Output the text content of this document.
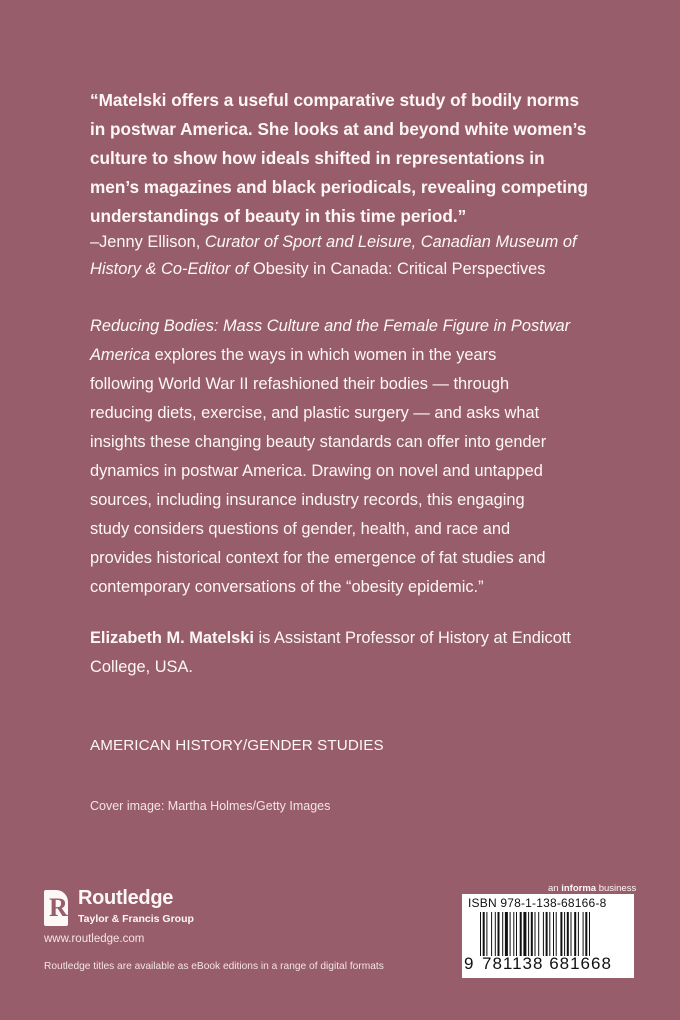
“Matelski offers a useful comparative study of bodily norms

in postwar America. She looks at and beyond white women’s

culture to show how ideals shifted in representations in

men’s magazines and black periodicals, revealing competing

understandings of beauty in this time period.”

–Jenny Ellison, Curator of Sport and Leisure, Canadian Museum of

History & Co-Editor of Obesity in Canada: Critical Perspectives

Reducing Bodies: Mass Culture and the Female Figure in Postwar

America explores the ways in which women in the years

following World War II refashioned their bodies — through

reducing diets, exercise, and plastic surgery — and asks what

insights these changing beauty standards can offer into gender

dynamics in postwar America. Drawing on novel and untapped

sources, including insurance industry records, this engaging

study considers questions of gender, health, and race and

provides historical context for the emergence of fat studies and

contemporary conversations of the “obesity epidemic.”

Elizabeth M. Matelski is Assistant Professor of History at Endicott

College, USA.

AMERICAN HISTORY/GENDER STUDIES
Cover image: Martha Holmes/Getty Images
R Routledge
Taylor & Francis Group
www.routledge.com
Routledge titles are available as eBook editions in a range of digital formats
an informa business
ISBN 978-1-138-68166-8
9 781138 681668
